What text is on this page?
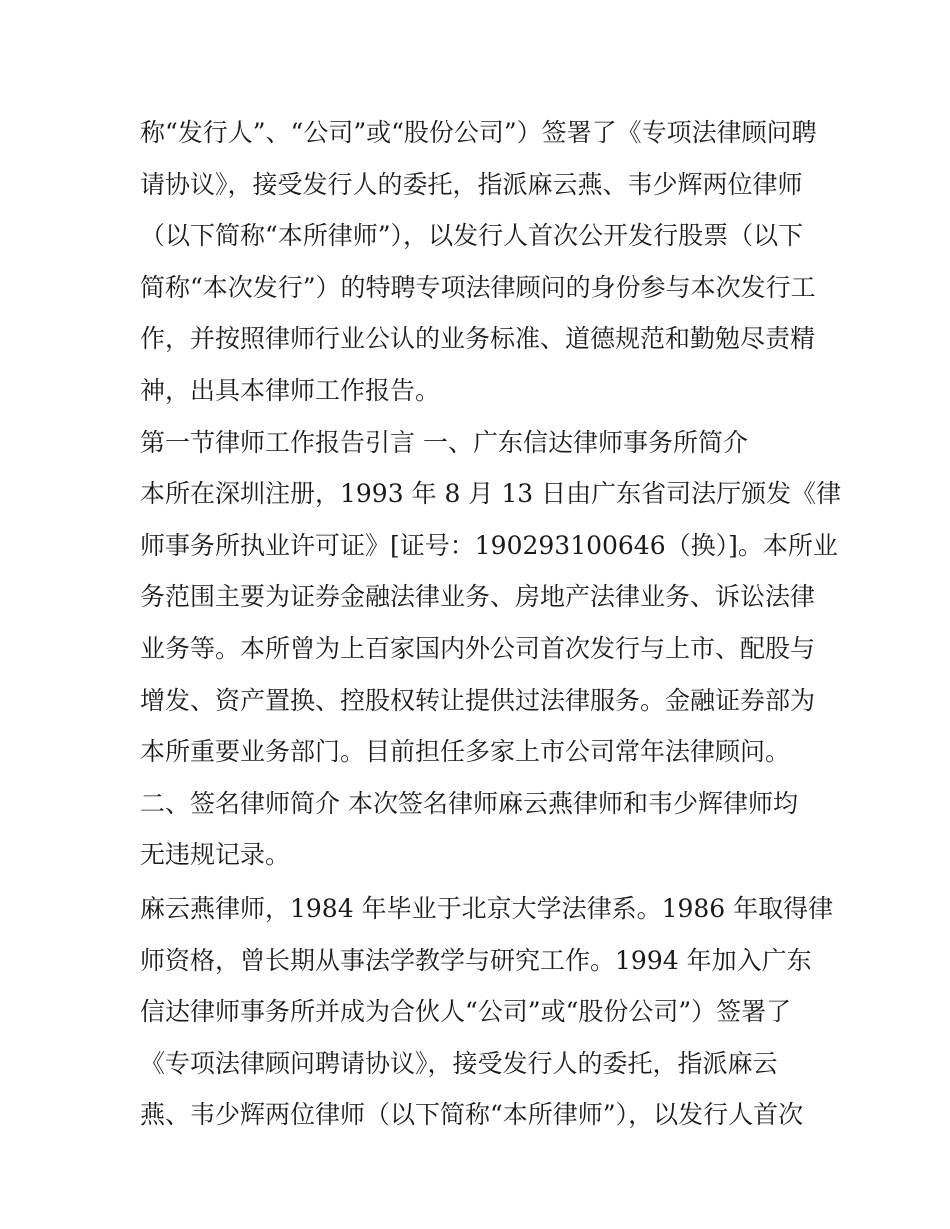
称“发行人”、“公司”或“股份公司”）签署了《专项法律顾问聘
请协议》，接受发行人的委托，指派麻云燕、韦少辉两位律师
（以下简称“本所律师”），以发行人首次公开发行股票（以下
简称“本次发行”）的特聘专项法律顾问的身份参与本次发行工
作，并按照律师行业公认的业务标准、道德规范和勤勉尽责精
神，出具本律师工作报告。
第一节律师工作报告引言 一、广东信达律师事务所简介
本所在深圳注册，1993 年 8 月 13 日由广东省司法厅颁发《律
师事务所执业许可证》[证号：190293100646（换）]。本所业
务范围主要为证券金融法律业务、房地产法律业务、诉讼法律
业务等。本所曾为上百家国内外公司首次发行与上市、配股与
增发、资产置换、控股权转让提供过法律服务。金融证券部为
本所重要业务部门。目前担任多家上市公司常年法律顾问。
二、签名律师简介 本次签名律师麻云燕律师和韦少辉律师均
无违规记录。
麻云燕律师，1984 年毕业于北京大学法律系。1986 年取得律
师资格，曾长期从事法学教学与研究工作。1994 年加入广东
信达律师事务所并成为合伙人“公司”或“股份公司”）签署了
《专项法律顾问聘请协议》，接受发行人的委托，指派麻云
燕、韦少辉两位律师（以下简称“本所律师”），以发行人首次
